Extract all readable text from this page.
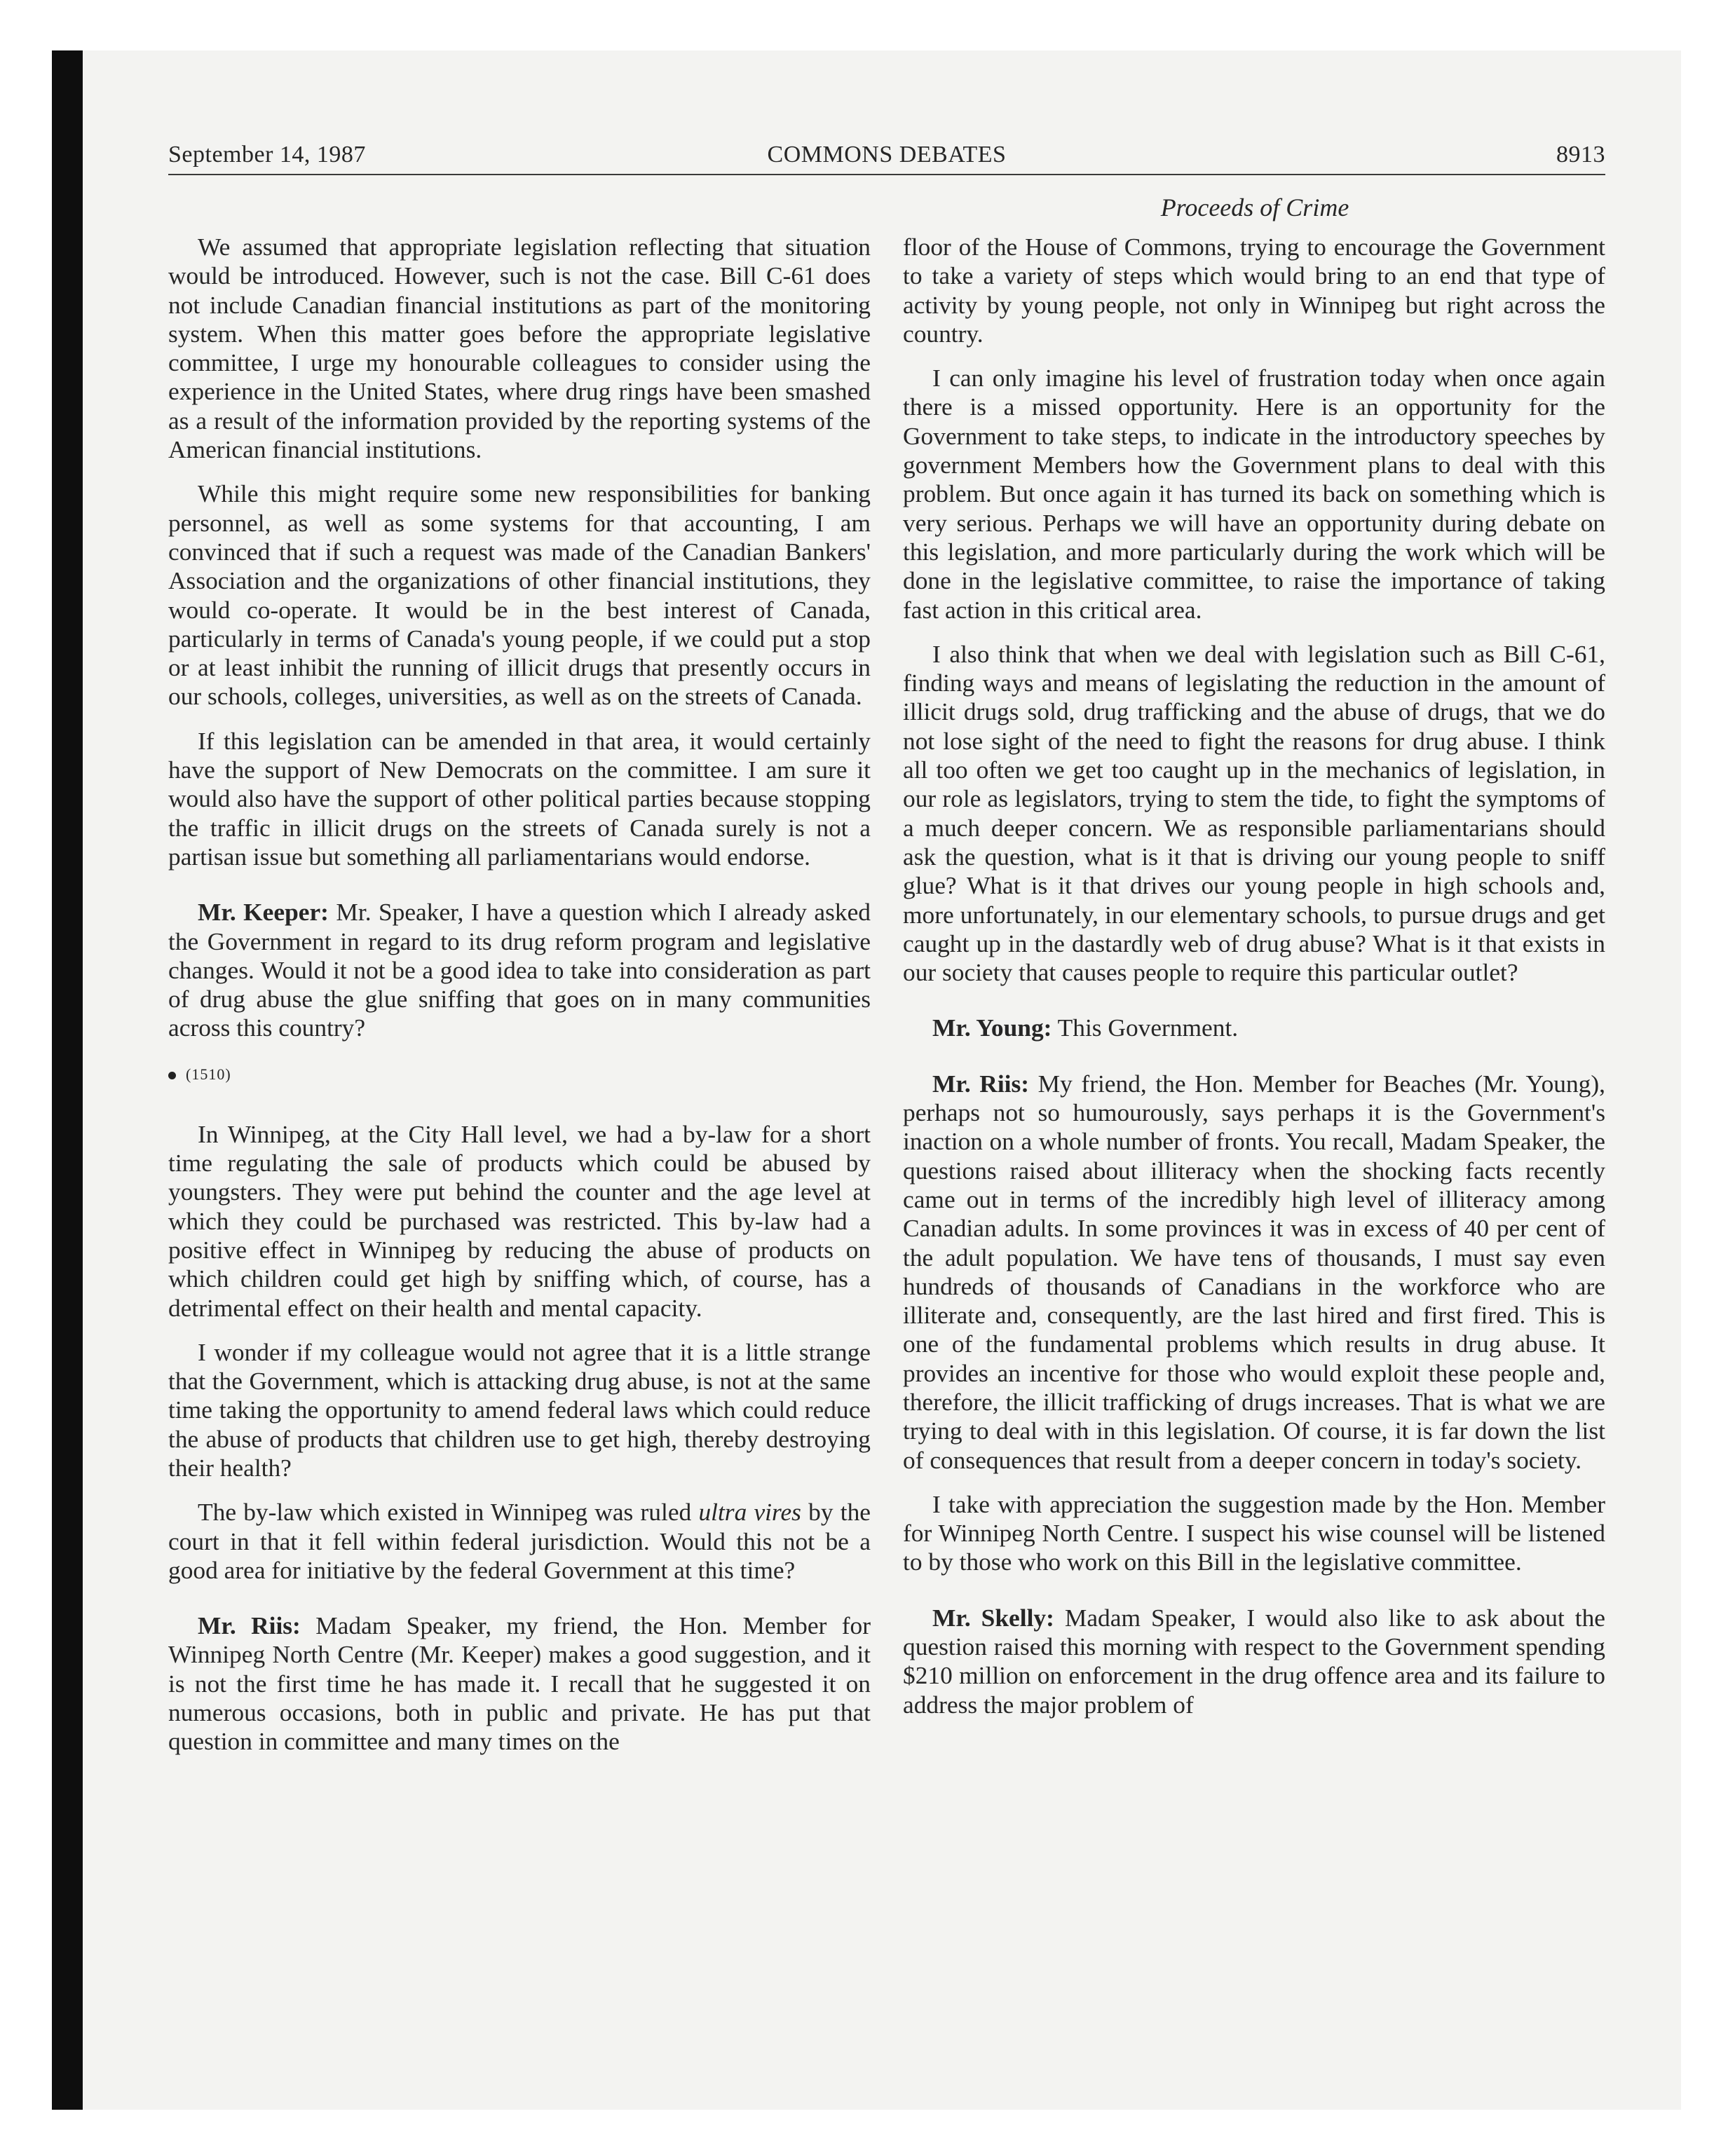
COMMONS DEBATES
September 14, 1987	8913
Proceeds of Crime

We assumed that appropriate legislation reflecting that situation would be introduced. However, such is not the case. Bill C-61 does not include Canadian financial institutions as part of the monitoring system. When this matter goes before the appropriate legislative committee, I urge my honourable colleagues to consider using the experience in the United States, where drug rings have been smashed as a result of the information provided by the reporting systems of the American financial institutions.

While this might require some new responsibilities for banking personnel, as well as some systems for that accounting, I am convinced that if such a request was made of the Canadian Bankers' Association and the organizations of other financial institutions, they would co-operate. It would be in the best interest of Canada, particularly in terms of Canada's young people, if we could put a stop or at least inhibit the running of illicit drugs that presently occurs in our schools, colleges, universities, as well as on the streets of Canada.

If this legislation can be amended in that area, it would certainly have the support of New Democrats on the committee. I am sure it would also have the support of other political parties because stopping the traffic in illicit drugs on the streets of Canada surely is not a partisan issue but something all parliamentarians would endorse.

Mr. Keeper: Mr. Speaker, I have a question which I already asked the Government in regard to its drug reform program and legislative changes. Would it not be a good idea to take into consideration as part of drug abuse the glue sniffing that goes on in many communities across this country?

(1510)

In Winnipeg, at the City Hall level, we had a by-law for a short time regulating the sale of products which could be abused by youngsters. They were put behind the counter and the age level at which they could be purchased was restricted. This by-law had a positive effect in Winnipeg by reducing the abuse of products on which children could get high by sniffing which, of course, has a detrimental effect on their health and mental capacity.

I wonder if my colleague would not agree that it is a little strange that the Government, which is attacking drug abuse, is not at the same time taking the opportunity to amend federal laws which could reduce the abuse of products that children use to get high, thereby destroying their health?

The by-law which existed in Winnipeg was ruled ultra vires by the court in that it fell within federal jurisdiction. Would this not be a good area for initiative by the federal Government at this time?

Mr. Riis: Madam Speaker, my friend, the Hon. Member for Winnipeg North Centre (Mr. Keeper) makes a good suggestion, and it is not the first time he has made it. I recall that he suggested it on numerous occasions, both in public and private. He has put that question in committee and many times on the

floor of the House of Commons, trying to encourage the Government to take a variety of steps which would bring to an end that type of activity by young people, not only in Winnipeg but right across the country.

I can only imagine his level of frustration today when once again there is a missed opportunity. Here is an opportunity for the Government to take steps, to indicate in the introductory speeches by government Members how the Government plans to deal with this problem. But once again it has turned its back on something which is very serious. Perhaps we will have an opportunity during debate on this legislation, and more particularly during the work which will be done in the legislative committee, to raise the importance of taking fast action in this critical area.

I also think that when we deal with legislation such as Bill C-61, finding ways and means of legislating the reduction in the amount of illicit drugs sold, drug trafficking and the abuse of drugs, that we do not lose sight of the need to fight the reasons for drug abuse. I think all too often we get too caught up in the mechanics of legislation, in our role as legislators, trying to stem the tide, to fight the symptoms of a much deeper concern. We as responsible parliamentarians should ask the question, what is it that is driving our young people to sniff glue? What is it that drives our young people in high schools and, more unfortunately, in our elementary schools, to pursue drugs and get caught up in the dastardly web of drug abuse? What is it that exists in our society that causes people to require this particular outlet?

Mr. Young: This Government.

Mr. Riis: My friend, the Hon. Member for Beaches (Mr. Young), perhaps not so humourously, says perhaps it is the Government's inaction on a whole number of fronts. You recall, Madam Speaker, the questions raised about illiteracy when the shocking facts recently came out in terms of the incredibly high level of illiteracy among Canadian adults. In some provinces it was in excess of 40 per cent of the adult population. We have tens of thousands, I must say even hundreds of thousands of Canadians in the workforce who are illiterate and, consequently, are the last hired and first fired. This is one of the fundamental problems which results in drug abuse. It provides an incentive for those who would exploit these people and, therefore, the illicit trafficking of drugs increases. That is what we are trying to deal with in this legislation. Of course, it is far down the list of consequences that result from a deeper concern in today's society.

I take with appreciation the suggestion made by the Hon. Member for Winnipeg North Centre. I suspect his wise counsel will be listened to by those who work on this Bill in the legislative committee.

Mr. Skelly: Madam Speaker, I would also like to ask about the question raised this morning with respect to the Government spending $210 million on enforcement in the drug offence area and its failure to address the major problem of
